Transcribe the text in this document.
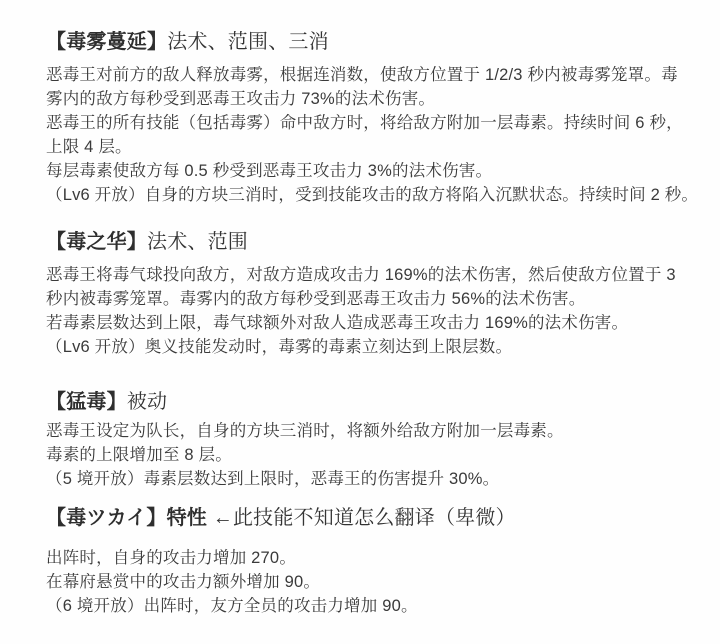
【毒雾蔓延】法术、范围、三消
恶毒王对前方的敌人释放毒雾，根据连消数，使敌方位置于 1/2/3 秒内被毒雾笼罩。毒
雾内的敌方每秒受到恶毒王攻击力 73%的法术伤害。
恶毒王的所有技能（包括毒雾）命中敌方时，将给敌方附加一层毒素。持续时间 6 秒，
上限 4 层。
每层毒素使敌方每 0.5 秒受到恶毒王攻击力 3%的法术伤害。
（Lv6 开放）自身的方块三消时，受到技能攻击的敌方将陷入沉默状态。持续时间 2 秒。
【毒之华】法术、范围
恶毒王将毒气球投向敌方，对敌方造成攻击力 169%的法术伤害，然后使敌方位置于 3
秒内被毒雾笼罩。毒雾内的敌方每秒受到恶毒王攻击力 56%的法术伤害。
若毒素层数达到上限，毒气球额外对敌人造成恶毒王攻击力 169%的法术伤害。
（Lv6 开放）奥义技能发动时，毒雾的毒素立刻达到上限层数。
【猛毒】被动
恶毒王设定为队长，自身的方块三消时，将额外给敌方附加一层毒素。
毒素的上限增加至 8 层。
（5 境开放）毒素层数达到上限时，恶毒王的伤害提升 30%。
【毒ツカイ】特性 ←此技能不知道怎么翻译（卑微）
出阵时，自身的攻击力增加 270。
在幕府悬赏中的攻击力额外增加 90。
（6 境开放）出阵时，友方全员的攻击力增加 90。
